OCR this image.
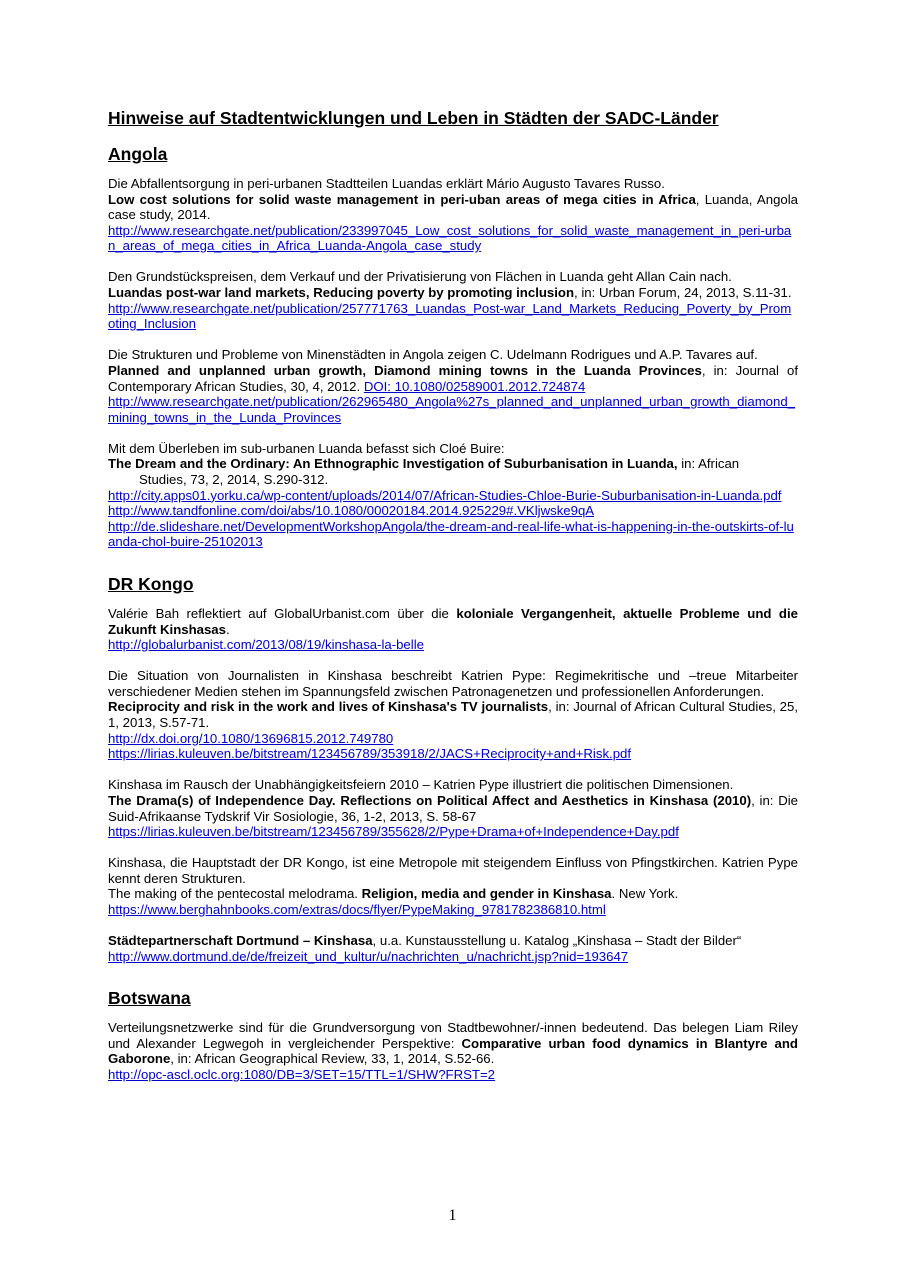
Hinweise auf Stadtentwicklungen und Leben in Städten der SADC-Länder
Angola
Die Abfallentsorgung in peri-urbanen Stadtteilen Luandas erklärt Mário Augusto Tavares Russo.
Low cost solutions for solid waste management in peri-uban areas of mega cities in Africa, Luanda, Angola case study, 2014.
http://www.researchgate.net/publication/233997045_Low_cost_solutions_for_solid_waste_management_in_peri-urban_areas_of_mega_cities_in_Africa_Luanda-Angola_case_study
Den Grundstückspreisen, dem Verkauf und der Privatisierung von Flächen in Luanda geht Allan Cain nach.
Luandas post-war land markets, Reducing poverty by promoting inclusion, in: Urban Forum, 24, 2013, S.11-31.
http://www.researchgate.net/publication/257771763_Luandas_Post-war_Land_Markets_Reducing_Poverty_by_Promoting_Inclusion
Die Strukturen und Probleme von Minenstädten in Angola zeigen C. Udelmann Rodrigues und A.P. Tavares auf.
Planned and unplanned urban growth, Diamond mining towns in the Luanda Provinces, in: Journal of Contemporary African Studies, 30, 4, 2012. DOI: 10.1080/02589001.2012.724874
http://www.researchgate.net/publication/262965480_Angola%27s_planned_and_unplanned_urban_growth_diamond_mining_towns_in_the_Lunda_Provinces
Mit dem Überleben im sub-urbanen Luanda befasst sich Cloé Buire:
The Dream and the Ordinary: An Ethnographic Investigation of Suburbanisation in Luanda, in: African
Studies, 73, 2, 2014, S.290-312.
http://city.apps01.yorku.ca/wp-content/uploads/2014/07/African-Studies-Chloe-Burie-Suburbanisation-in-Luanda.pdf
http://www.tandfonline.com/doi/abs/10.1080/00020184.2014.925229#.VKljwske9qA
http://de.slideshare.net/DevelopmentWorkshopAngola/the-dream-and-real-life-what-is-happening-in-the-outskirts-of-luanda-chol-buire-25102013
DR Kongo
Valérie Bah reflektiert auf GlobalUrbanist.com über die koloniale Vergangenheit, aktuelle Probleme und die Zukunft Kinshasas.
http://globalurbanist.com/2013/08/19/kinshasa-la-belle
Die Situation von Journalisten in Kinshasa beschreibt Katrien Pype: Regimekritische und –treue Mitarbeiter verschiedener Medien stehen im Spannungsfeld zwischen Patronagenetzen und professionellen Anforderungen.
Reciprocity and risk in the work and lives of Kinshasa's TV journalists, in: Journal of African Cultural Studies, 25, 1, 2013, S.57-71.
http://dx.doi.org/10.1080/13696815.2012.749780
https://lirias.kuleuven.be/bitstream/123456789/353918/2/JACS+Reciprocity+and+Risk.pdf
Kinshasa im Rausch der Unabhängigkeitsfeiern 2010 – Katrien Pype illustriert die politischen Dimensionen.
The Drama(s) of Independence Day. Reflections on Political Affect and Aesthetics in Kinshasa (2010), in: Die Suid-Afrikaanse Tydskrif Vir Sosiologie, 36, 1-2, 2013, S. 58-67
https://lirias.kuleuven.be/bitstream/123456789/355628/2/Pype+Drama+of+Independence+Day.pdf
Kinshasa, die Hauptstadt der DR Kongo, ist eine Metropole mit steigendem Einfluss von Pfingstkirchen. Katrien Pype kennt deren Strukturen.
The making of the pentecostal melodrama. Religion, media and gender in Kinshasa. New York.
https://www.berghahnbooks.com/extras/docs/flyer/PypeMaking_9781782386810.html
Städtepartnerschaft Dortmund – Kinshasa, u.a. Kunstausstellung u. Katalog „Kinshasa – Stadt der Bilder“
http://www.dortmund.de/de/freizeit_und_kultur/u/nachrichten_u/nachricht.jsp?nid=193647
Botswana
Verteilungsnetzwerke sind für die Grundversorgung von Stadtbewohner/-innen bedeutend. Das belegen Liam Riley und Alexander Legwegoh in vergleichender Perspektive: Comparative urban food dynamics in Blantyre and Gaborone, in: African Geographical Review, 33, 1, 2014, S.52-66.
http://opc-ascl.oclc.org:1080/DB=3/SET=15/TTL=1/SHW?FRST=2
1
